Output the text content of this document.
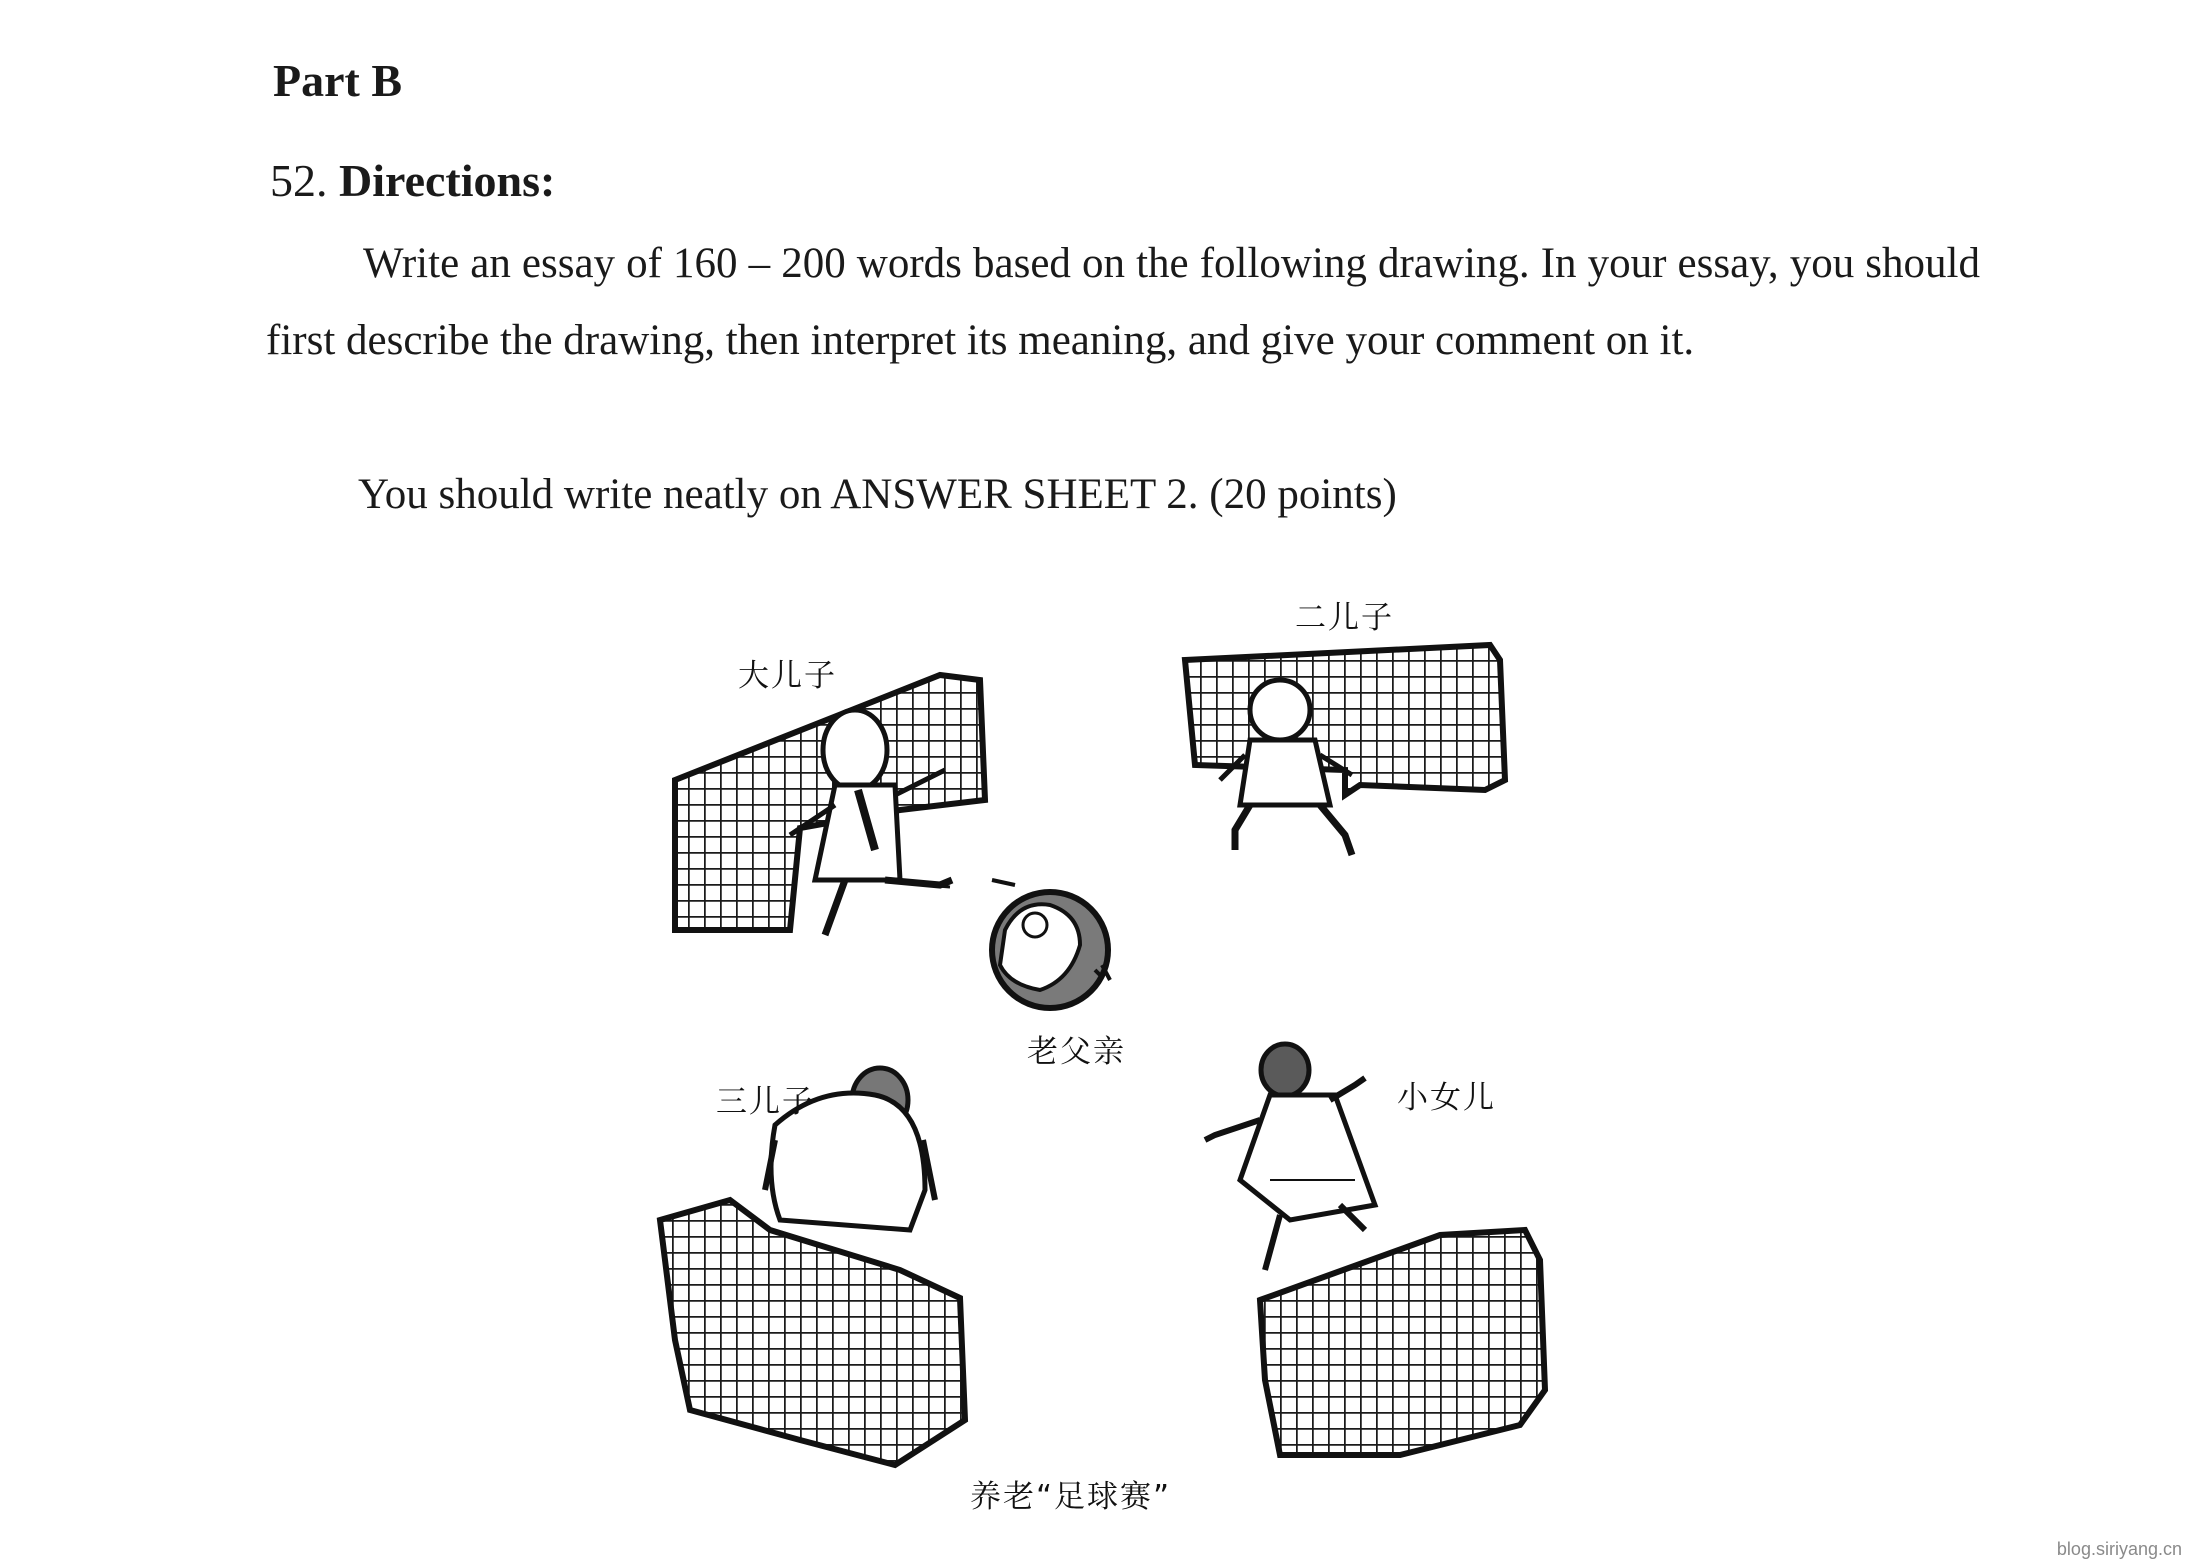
Part B
52. Directions:
Write an essay of 160 – 200 words based on the following drawing. In your essay, you should first describe the drawing, then interpret its meaning, and give your comment on it.
You should write neatly on ANSWER SHEET 2. (20 points)
大儿子
二儿子
老父亲
三儿子	小女儿
养老“足球赛”
blog.siriyang.cn
